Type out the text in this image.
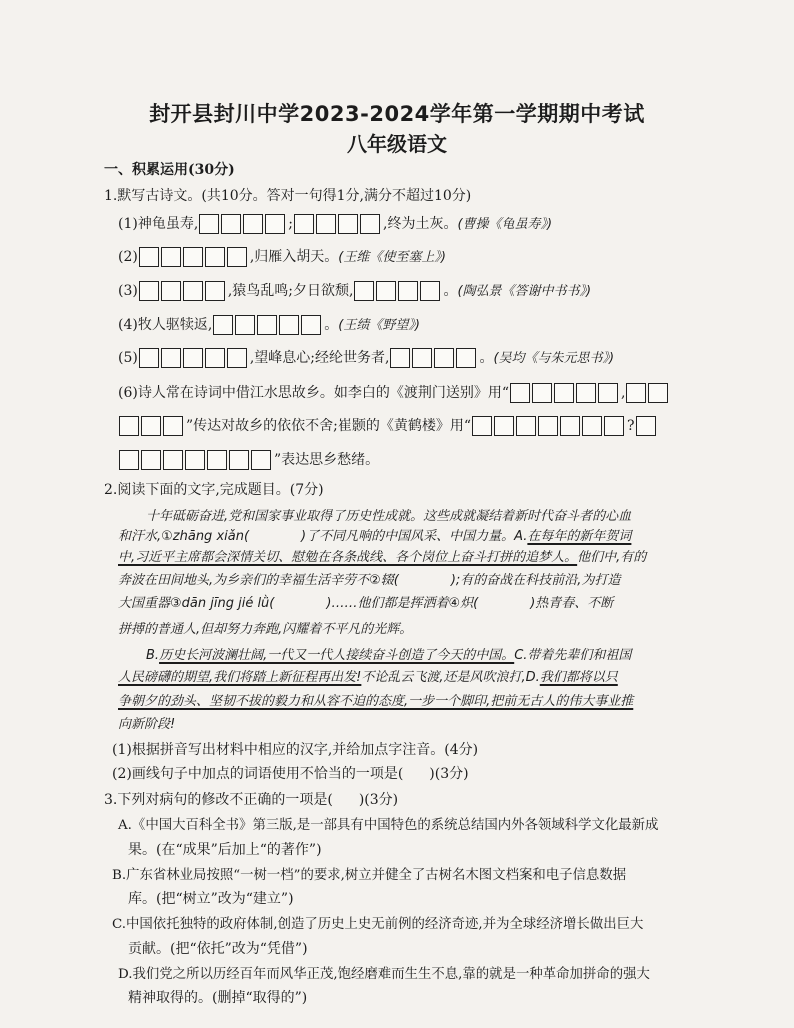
封开县封川中学2023-2024学年第一学期期中考试
八年级语文
一、积累运用(30分)
1.默写古诗文。(共10分。答对一句得1分,满分不超过10分)
(1)神龟虽寿,	;	,终为土灰。(曹操《龟虽寿》)
(2)	,归雁入胡天。(王维《使至塞上》)
(3)	,猿鸟乱鸣;夕日欲颓,	。(陶弘景《答谢中书书》)
(4)牧人驱犊返,	。(王绩《野望》)
(5)	,望峰息心;经纶世务者,	。(吴均《与朱元思书》)
(6)诗人常在诗词中借江水思故乡。如李白的《渡荆门送别》用“	,
”传达对故乡的依依不舍;崔颢的《黄鹤楼》用“	?
”表达思乡愁绪。
2.阅读下面的文字,完成题目。(7分)
十年砥砺奋进,党和国家事业取得了历史性成就。这些成就凝结着新时代奋斗者的心血
和汗水,①zhāng xiǎn(	)了不同凡响的中国风采、中国力量。A.在每年的新年贺词
中,习近平主席都会深情关切、慰勉在各条战线、各个岗位上奋斗打拼的追梦人。他们中,有的
奔波在田间地头,为乡亲们的幸福生活辛劳不②辍(	);有的奋战在科技前沿,为打造
大国重器③dān jīng jié lǜ(	)……他们都是挥洒着④炽(	)热青春、不断
拼搏的普通人,但却努力奔跑,闪耀着不平凡的光辉。
B.历史长河波澜壮阔,一代又一代人接续奋斗创造了今天的中国。C.带着先辈们和祖国
人民磅礴的期望,我们将踏上新征程再出发!不论乱云飞渡,还是风吹浪打,D.我们都将以只
争朝夕的劲头、坚韧不拔的毅力和从容不迫的态度,一步一个脚印,把前无古人的伟大事业推
向新阶段!
(1)根据拼音写出材料中相应的汉字,并给加点字注音。(4分)
(2)画线句子中加点的词语使用不恰当的一项是( )(3分)
3.下列对病句的修改不正确的一项是( )(3分)
A.《中国大百科全书》第三版,是一部具有中国特色的系统总结国内外各领域科学文化最新成
果。(在“成果”后加上“的著作”)
B.广东省林业局按照“一树一档”的要求,树立并健全了古树名木图文档案和电子信息数据
库。(把“树立”改为“建立”)
C.中国依托独特的政府体制,创造了历史上史无前例的经济奇迹,并为全球经济增长做出巨大
贡献。(把“依托”改为“凭借”)
D.我们党之所以历经百年而风华正茂,饱经磨难而生生不息,靠的就是一种革命加拼命的强大
精神取得的。(删掉“取得的”)
